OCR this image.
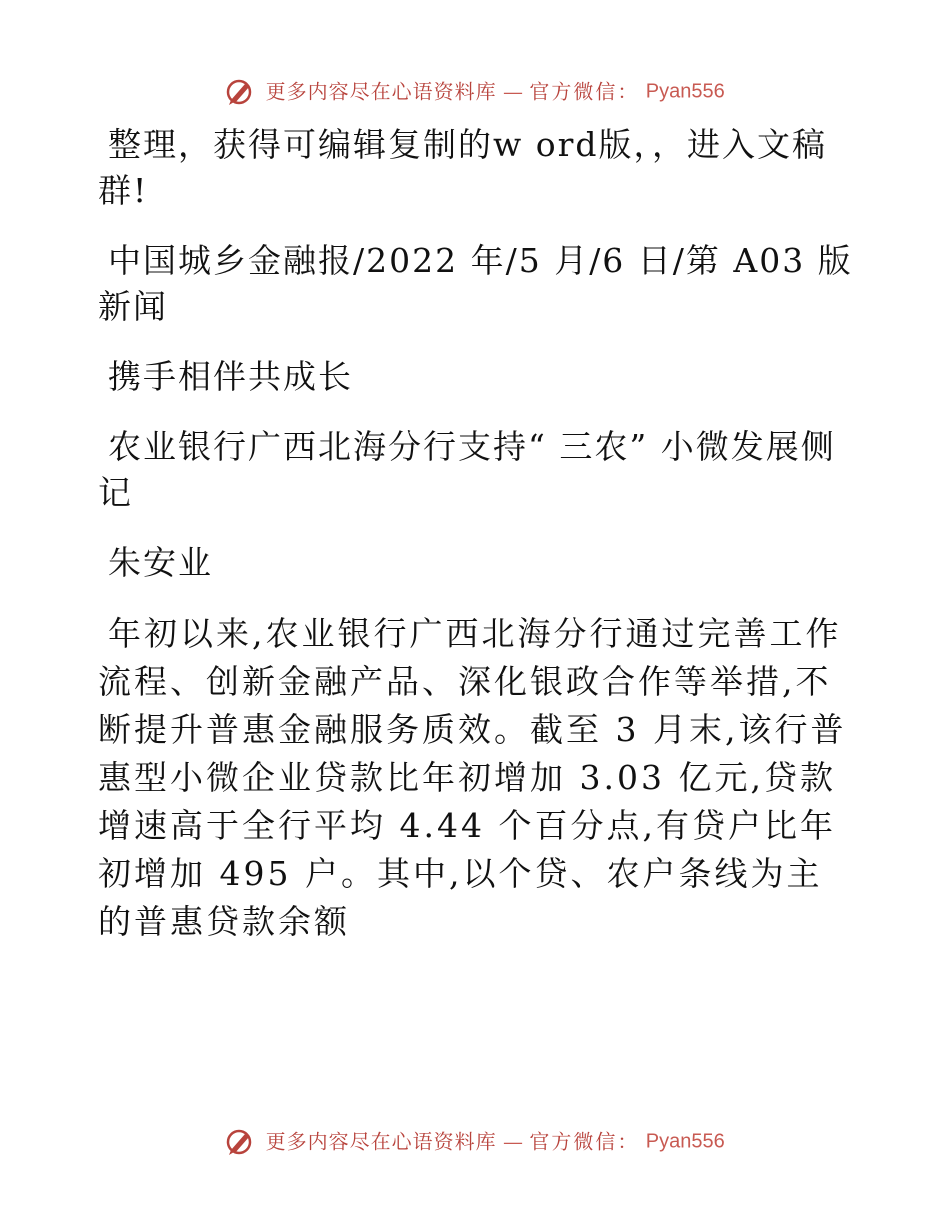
更多内容尽在心语资料库 — 官方微信： Pyan556

整理，获得可编辑复制的w ord版，，进入文稿群!

中国城乡金融报/2022 年/5 月/6 日/第 A03 版新闻

携手相伴共成长

农业银行广西北海分行支持“ 三农” 小微发展侧记

朱安业

年初以来,农业银行广西北海分行通过完善工作流程、创新金融产品、深化银政合作等举措,不断提升普惠金融服务质效。截至 3 月末,该行普惠型小微企业贷款比年初增加 3.03 亿元,贷款增速高于全行平均 4.44 个百分点,有贷户比年初增加 495 户。其中,以个贷、农户条线为主的普惠贷款余额

更多内容尽在心语资料库 — 官方微信： Pyan556
